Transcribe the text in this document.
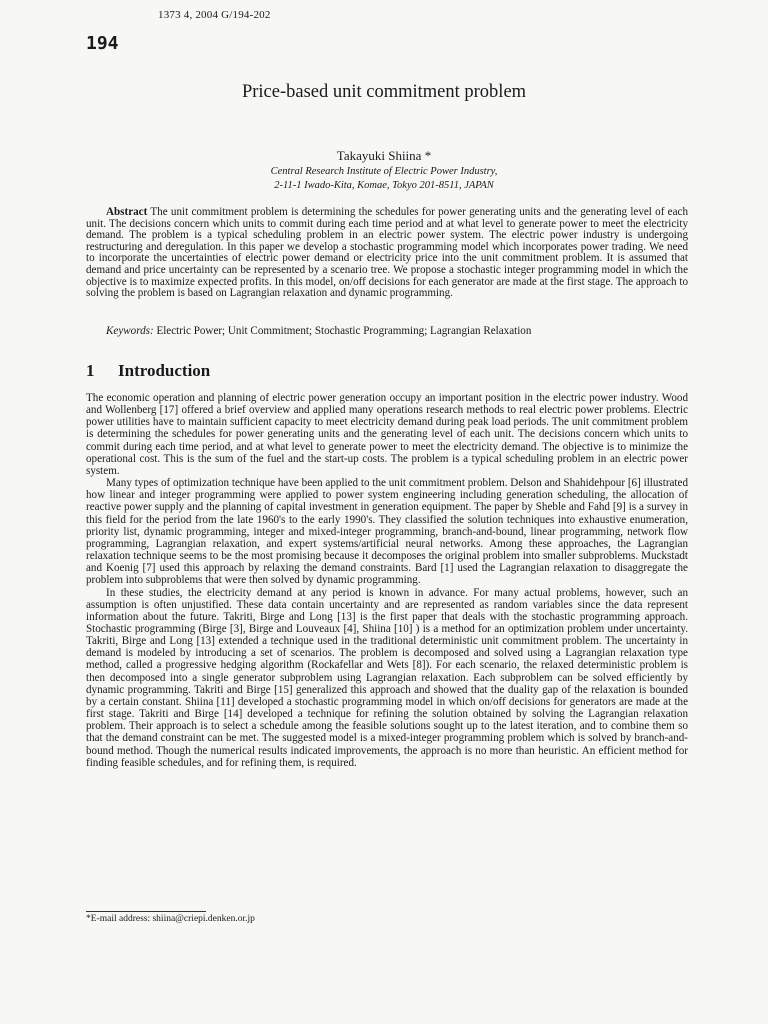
1373 4, 2004 G/194-202
194
Price-based unit commitment problem
Takayuki Shiina *
Central Research Institute of Electric Power Industry,
2-11-1 Iwado-Kita, Komae, Tokyo 201-8511, JAPAN
Abstract The unit commitment problem is determining the schedules for power generating units and the generating level of each unit. The decisions concern which units to commit during each time period and at what level to generate power to meet the electricity demand. The problem is a typical scheduling problem in an electric power system. The electric power industry is undergoing restructuring and deregulation. In this paper we develop a stochastic programming model which incorporates power trading. We need to incorporate the uncertainties of electric power demand or electricity price into the unit commitment problem. It is assumed that demand and price uncertainty can be represented by a scenario tree. We propose a stochastic integer programming model in which the objective is to maximize expected profits. In this model, on/off decisions for each generator are made at the first stage. The approach to solving the problem is based on Lagrangian relaxation and dynamic programming.
Keywords: Electric Power; Unit Commitment; Stochastic Programming; Lagrangian Relaxation
1 Introduction

The economic operation and planning of electric power generation occupy an important position in the electric power industry. Wood and Wollenberg [17] offered a brief overview and applied many operations research methods to real electric power problems. Electric power utilities have to maintain sufficient capacity to meet electricity demand during peak load periods. The unit commitment problem is determining the schedules for power generating units and the generating level of each unit. The decisions concern which units to commit during each time period, and at what level to generate power to meet the electricity demand. The objective is to minimize the operational cost. This is the sum of the fuel and the start-up costs. The problem is a typical scheduling problem in an electric power system.

Many types of optimization technique have been applied to the unit commitment problem. Delson and Shahidehpour [6] illustrated how linear and integer programming were applied to power system engineering including generation scheduling, the allocation of reactive power supply and the planning of capital investment in generation equipment. The paper by Sheble and Fahd [9] is a survey in this field for the period from the late 1960's to the early 1990's. They classified the solution techniques into exhaustive enumeration, priority list, dynamic programming, integer and mixed-integer programming, branch-and-bound, linear programming, network flow programming, Lagrangian relaxation, and expert systems/artificial neural networks. Among these approaches, the Lagrangian relaxation technique seems to be the most promising because it decomposes the original problem into smaller subproblems. Muckstadt and Koenig [7] used this approach by relaxing the demand constraints. Bard [1] used the Lagrangian relaxation to disaggregate the problem into subproblems that were then solved by dynamic programming.

In these studies, the electricity demand at any period is known in advance. For many actual problems, however, such an assumption is often unjustified. These data contain uncertainty and are represented as random variables since the data represent information about the future. Takriti, Birge and Long [13] is the first paper that deals with the stochastic programming approach. Stochastic programming (Birge [3], Birge and Louveaux [4], Shiina [10] ) is a method for an optimization problem under uncertainty. Takriti, Birge and Long [13] extended a technique used in the traditional deterministic unit commitment problem. The uncertainty in demand is modeled by introducing a set of scenarios. The problem is decomposed and solved using a Lagrangian relaxation type method, called a progressive hedging algorithm (Rockafellar and Wets [8]). For each scenario, the relaxed deterministic problem is then decomposed into a single generator subproblem using Lagrangian relaxation. Each subproblem can be solved efficiently by dynamic programming. Takriti and Birge [15] generalized this approach and showed that the duality gap of the relaxation is bounded by a certain constant. Shiina [11] developed a stochastic programming model in which on/off decisions for generators are made at the first stage. Takriti and Birge [14] developed a technique for refining the solution obtained by solving the Lagrangian relaxation problem. Their approach is to select a schedule among the feasible solutions sought up to the latest iteration, and to combine them so that the demand constraint can be met. The suggested model is a mixed-integer programming problem which is solved by branch-and-bound method. Though the numerical results indicated improvements, the approach is no more than heuristic. An efficient method for finding feasible schedules, and for refining them, is required.

*E-mail address: shiina@criepi.denken.or.jp
